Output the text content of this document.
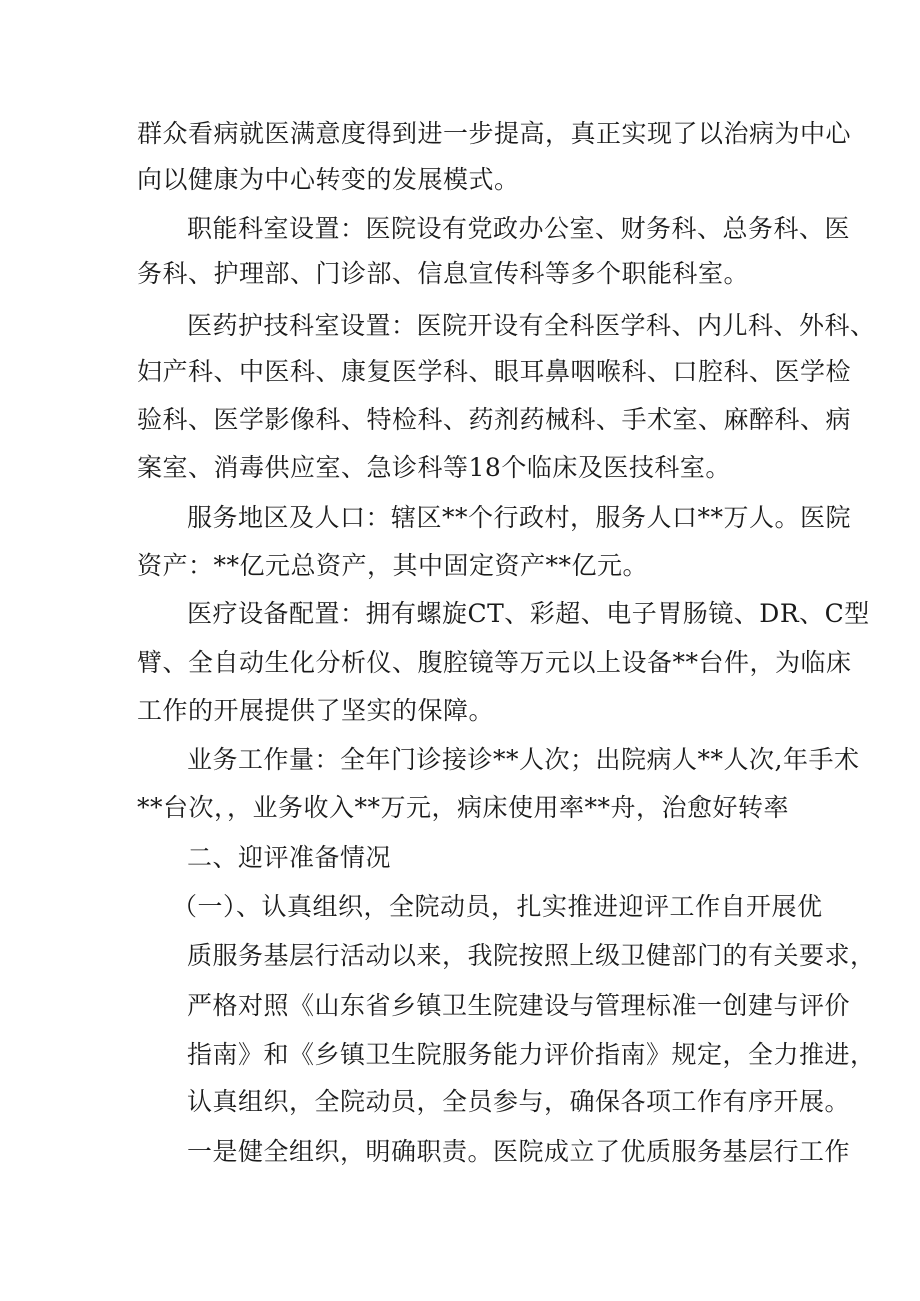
群众看病就医满意度得到进一步提高，真正实现了以治病为中心
向以健康为中心转变的发展模式。
职能科室设置：医院设有党政办公室、财务科、总务科、医
务科、护理部、门诊部、信息宣传科等多个职能科室。
医药护技科室设置：医院开设有全科医学科、内儿科、外科、
妇产科、中医科、康复医学科、眼耳鼻咽喉科、口腔科、医学检
验科、医学影像科、特检科、药剂药械科、手术室、麻醉科、病
案室、消毒供应室、急诊科等18个临床及医技科室。
服务地区及人口：辖区**个行政村，服务人口**万人。医院
资产：**亿元总资产，其中固定资产**亿元。
医疗设备配置：拥有螺旋CT、彩超、电子胃肠镜、DR、C型
臂、全自动生化分析仪、腹腔镜等万元以上设备**台件，为临床
工作的开展提供了坚实的保障。
业务工作量：全年门诊接诊**人次；出院病人**人次,年手术
**台次，，业务收入**万元，病床使用率**舟，治愈好转率
二、迎评准备情况
（一）、认真组织，全院动员，扎实推进迎评工作自开展优
质服务基层行活动以来，我院按照上级卫健部门的有关要求，
严格对照《山东省乡镇卫生院建设与管理标准一创建与评价
指南》和《乡镇卫生院服务能力评价指南》规定，全力推进，
认真组织，全院动员，全员参与，确保各项工作有序开展。
一是健全组织，明确职责。医院成立了优质服务基层行工作
